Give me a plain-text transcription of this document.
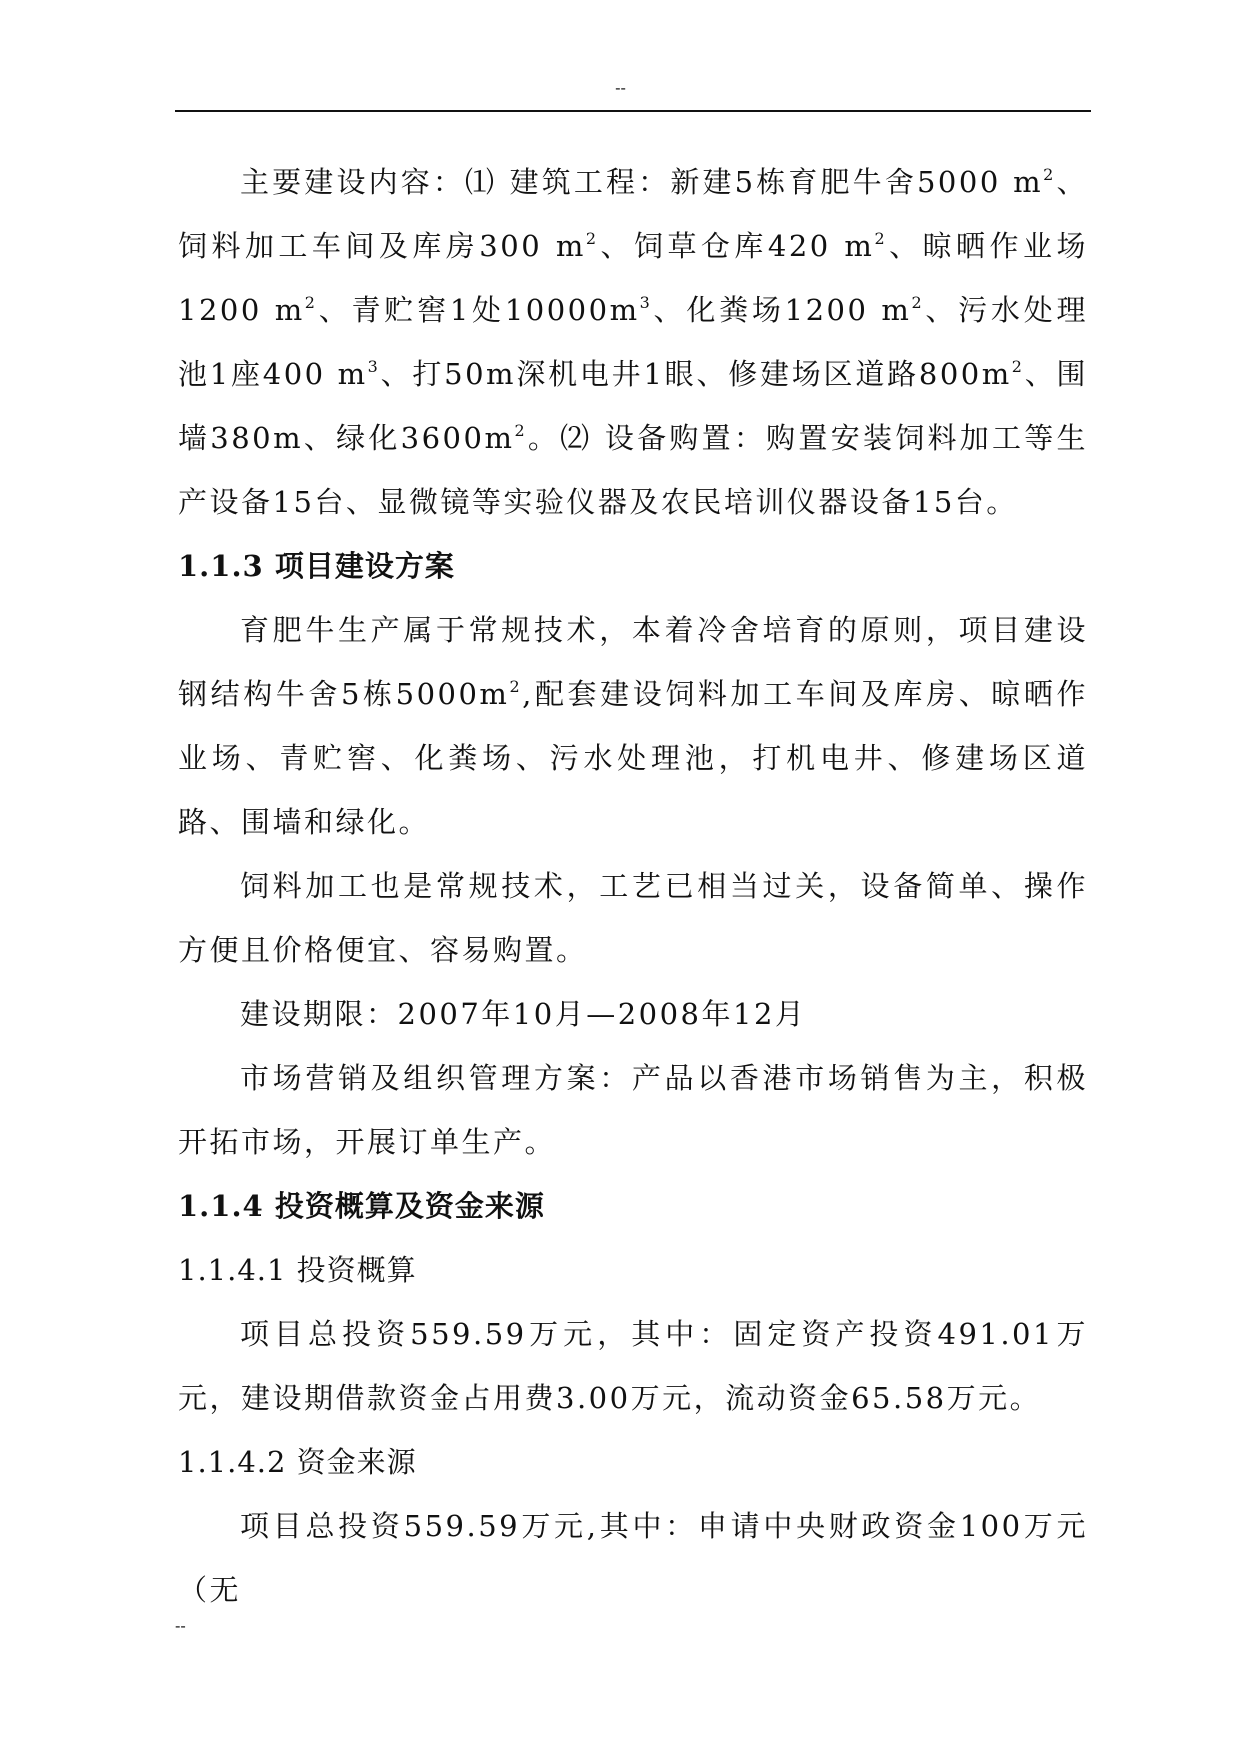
--

主要建设内容：⑴ 建筑工程：新建5栋育肥牛舍5000 $m^2$、饲料加工车间及库房300 $m^2$、饲草仓库420 $m^2$、晾晒作业场1200 $m^2$、青贮窖1处$10000m^3$、化粪场1200 $m^2$、污水处理池1座400 $m^3$、打50m深机电井1眼、修建场区道路$800m^2$、围墙380m、绿化$3600m^2$。⑵ 设备购置：购置安装饲料加工等生产设备15台、显微镜等实验仪器及农民培训仪器设备15台。

1.1.3 项目建设方案

育肥牛生产属于常规技术，本着冷舍培育的原则，项目建设钢结构牛舍5栋$5000m^2$,配套建设饲料加工车间及库房、晾晒作业场、青贮窖、化粪场、污水处理池，打机电井、修建场区道路、围墙和绿化。

饲料加工也是常规技术，工艺已相当过关，设备简单、操作方便且价格便宜、容易购置。

建设期限：2007年10月—2008年12月

市场营销及组织管理方案：产品以香港市场销售为主，积极开拓市场，开展订单生产。

1.1.4 投资概算及资金来源
1.1.4.1 投资概算

项目总投资559.59万元，其中：固定资产投资491.01万元，建设期借款资金占用费3.00万元，流动资金65.58万元。

1.1.4.2 资金来源

项目总投资559.59万元,其中：申请中央财政资金100万元（无

--
